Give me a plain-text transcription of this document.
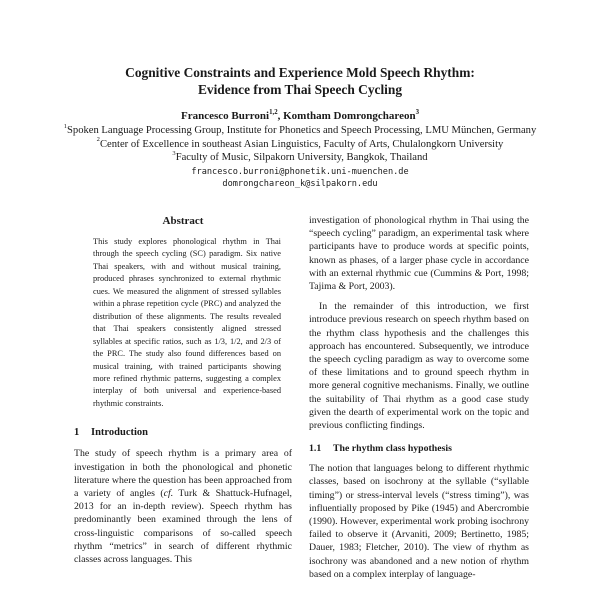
Cognitive Constraints and Experience Mold Speech Rhythm:
Evidence from Thai Speech Cycling
Francesco Burroni$^{1,2}$, Komtham Domrongchareon$^3$
$^1$Spoken Language Processing Group, Institute for Phonetics and Speech Processing, LMU München, Germany
$^2$Center of Excellence in southeast Asian Linguistics, Faculty of Arts, Chulalongkorn University
$^3$Faculty of Music, Silpakorn University, Bangkok, Thailand
francesco.burroni@phonetik.uni-muenchen.de
domrongchareon_k@silpakorn.edu
Abstract
This study explores phonological rhythm in Thai through the speech cycling (SC) paradigm. Six native Thai speakers, with and without musical training, produced phrases synchronized to external rhythmic cues. We measured the alignment of stressed syllables within a phrase repetition cycle (PRC) and analyzed the distribution of these alignments. The results revealed that Thai speakers consistently aligned stressed syllables at specific ratios, such as 1/3, 1/2, and 2/3 of the PRC. The study also found differences based on musical training, with trained participants showing more refined rhythmic patterns, suggesting a complex interplay of both universal and experience-based rhythmic constraints.
1 Introduction

The study of speech rhythm is a primary area of investigation in both the phonological and phonetic literature where the question has been approached from a variety of angles (cf. Turk & Shattuck-Hufnagel, 2013 for an in-depth review). Speech rhythm has predominantly been examined through the lens of cross-linguistic comparisons of so-called speech rhythm “metrics” in search of different rhythmic classes across languages. This

investigation of phonological rhythm in Thai using the “speech cycling” paradigm, an experimental task where participants have to produce words at specific points, known as phases, of a larger phase cycle in accordance with an external rhythmic cue (Cummins & Port, 1998; Tajima & Port, 2003).

In the remainder of this introduction, we first introduce previous research on speech rhythm based on the rhythm class hypothesis and the challenges this approach has encountered. Subsequently, we introduce the speech cycling paradigm as way to overcome some of these limitations and to ground speech rhythm in more general cognitive mechanisms. Finally, we outline the suitability of Thai rhythm as a good case study given the dearth of experimental work on the topic and previous conflicting findings.

1.1 The rhythm class hypothesis

The notion that languages belong to different rhythmic classes, based on isochrony at the syllable (“syllable timing”) or stress-interval levels (“stress timing”), was influentially proposed by Pike (1945) and Abercrombie (1990). However, experimental work probing isochrony failed to observe it (Arvaniti, 2009; Bertinetto, 1985; Dauer, 1983; Fletcher, 2010). The view of rhythm as isochrony was abandoned and a new notion of rhythm based on a complex interplay of language-
